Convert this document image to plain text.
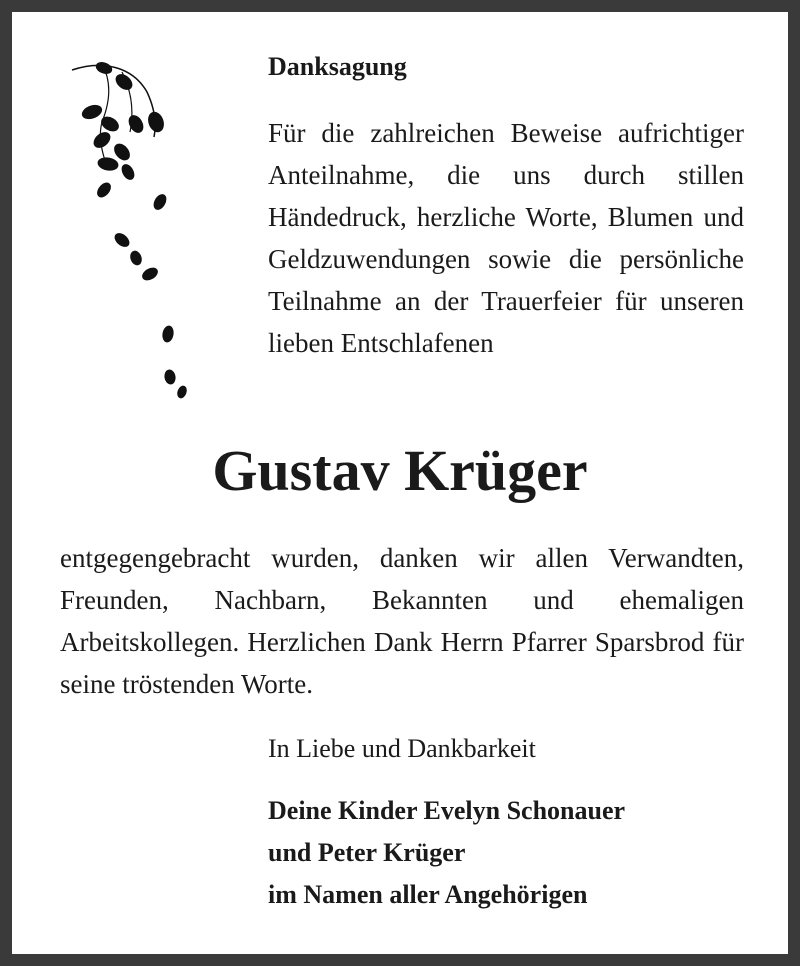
Danksagung

Für die zahlreichen Beweise aufrichtiger Anteilnahme, die uns durch stillen Händedruck, herzliche Worte, Blumen und Geldzuwendungen sowie die persönliche Teilnahme an der Trauerfeier für unseren lieben Entschlafenen

Gustav Krüger

entgegengebracht wurden, danken wir allen Verwandten, Freunden, Nachbarn, Bekannten und ehemaligen Arbeitskollegen. Herzlichen Dank Herrn Pfarrer Sparsbrod für seine tröstenden Worte.

In Liebe und Dankbarkeit

Deine Kinder Evelyn Schonauer
und Peter Krüger
im Namen aller Angehörigen
